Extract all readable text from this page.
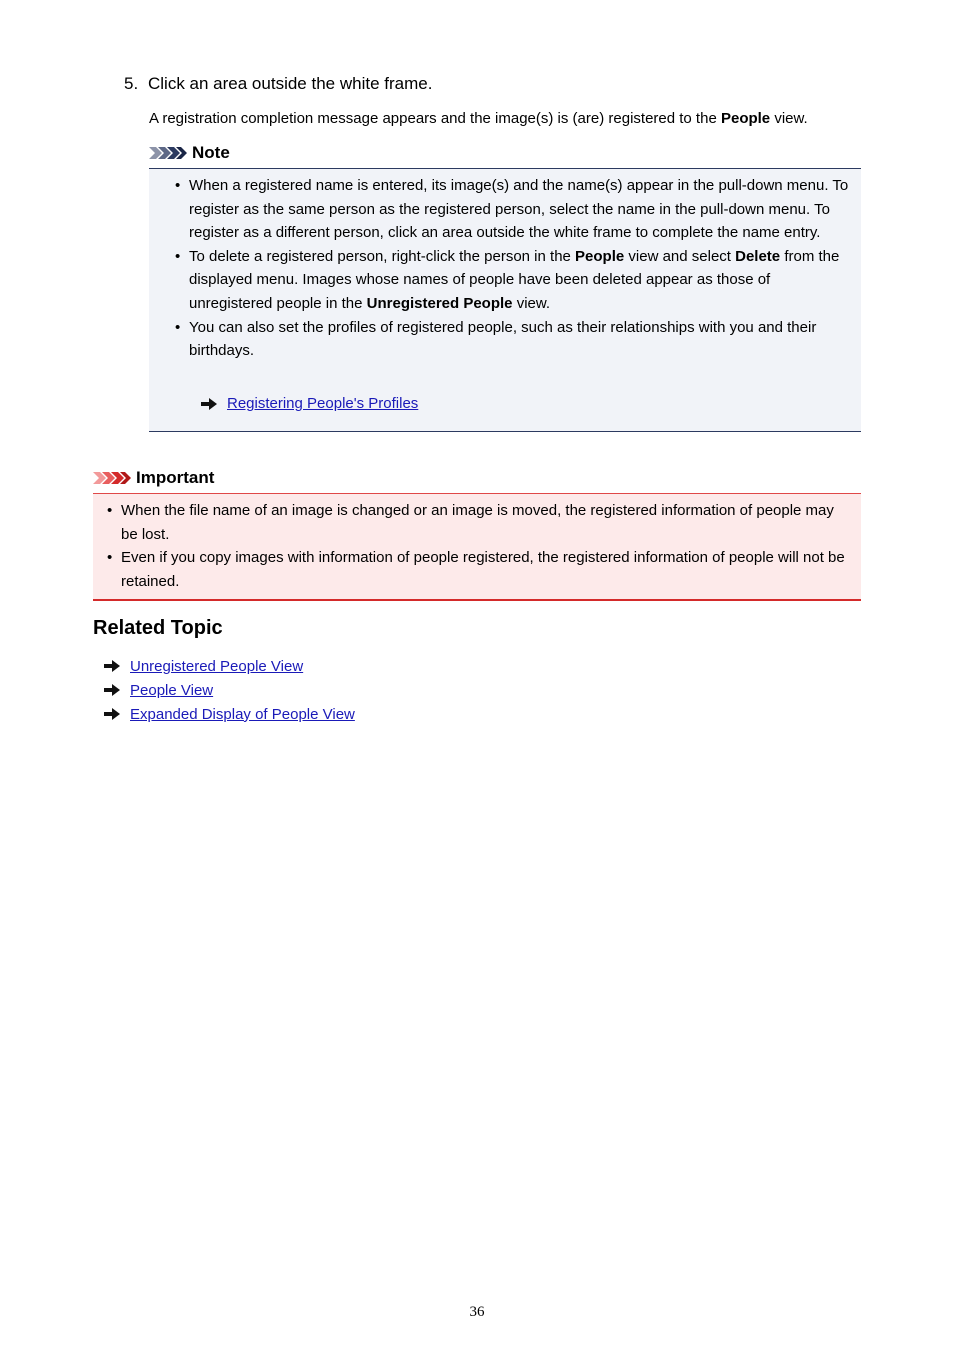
5. Click an area outside the white frame.
A registration completion message appears and the image(s) is (are) registered to the People view.
Note
• When a registered name is entered, its image(s) and the name(s) appear in the pull-down menu. To register as the same person as the registered person, select the name in the pull-down menu. To register as a different person, click an area outside the white frame to complete the name entry.
• To delete a registered person, right-click the person in the People view and select Delete from the displayed menu. Images whose names of people have been deleted appear as those of unregistered people in the Unregistered People view.
• You can also set the profiles of registered people, such as their relationships with you and their birthdays.
Registering People's Profiles
Important
• When the file name of an image is changed or an image is moved, the registered information of people may be lost.
• Even if you copy images with information of people registered, the registered information of people will not be retained.
Related Topic
Unregistered People View
People View
Expanded Display of People View
36
